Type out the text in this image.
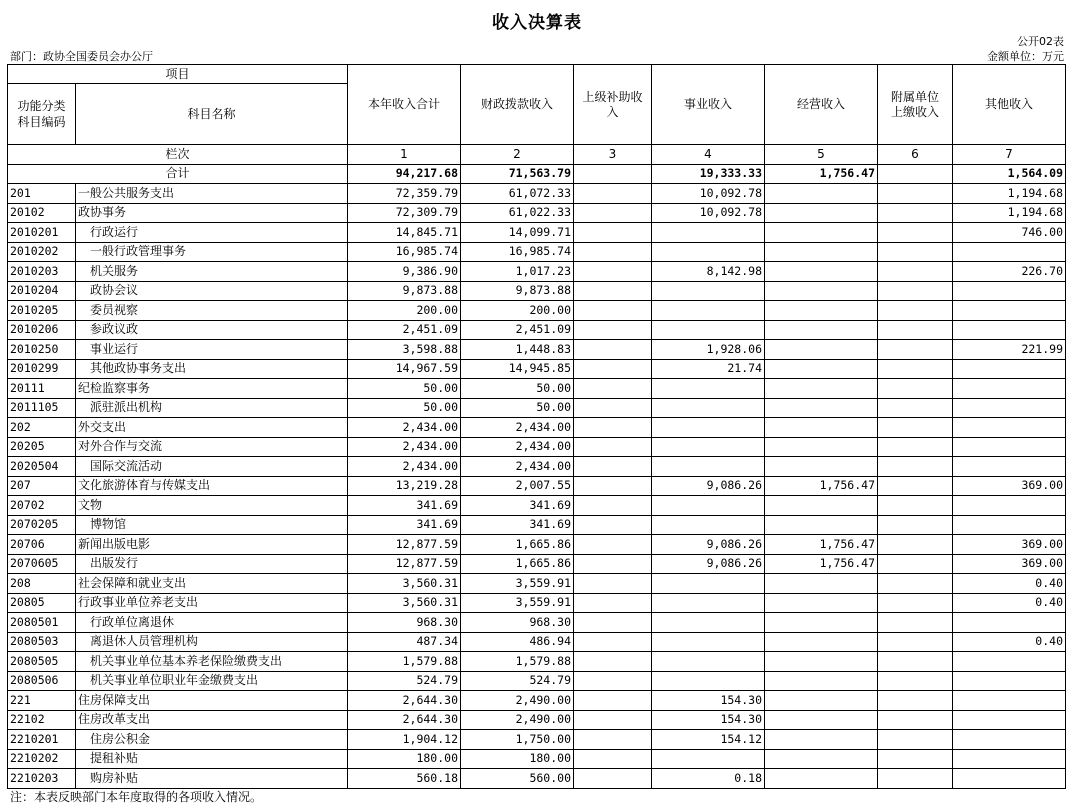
收入决算表
公开02表
部门：政协全国委员会办公厅	金额单位：万元
项目		本年收入合计	财政拨款收入	上级补助收
入	事业收入	经营收入	附属单位
上缴收入	其他收入
功能分类
科目编码	科目名称							

栏次		1	2	3	4	5	6	7
合计		94,217.68	71,563.79		19,333.33	1,756.47		1,564.09
201	一般公共服务支出	72,359.79	61,072.33		10,092.78			1,194.68
20102	政协事务	72,309.79	61,022.33		10,092.78			1,194.68
2010201	行政运行	14,845.71	14,099.71					746.00
2010202	一般行政管理事务	16,985.74	16,985.74					
2010203	机关服务	9,386.90	1,017.23		8,142.98			226.70
2010204	政协会议	9,873.88	9,873.88					
2010205	委员视察	200.00	200.00					
2010206	参政议政	2,451.09	2,451.09					
2010250	事业运行	3,598.88	1,448.83		1,928.06			221.99
2010299	其他政协事务支出	14,967.59	14,945.85		21.74			
20111	纪检监察事务	50.00	50.00					
2011105	派驻派出机构	50.00	50.00					
202	外交支出	2,434.00	2,434.00					
20205	对外合作与交流	2,434.00	2,434.00					
2020504	国际交流活动	2,434.00	2,434.00					
207	文化旅游体育与传媒支出	13,219.28	2,007.55		9,086.26	1,756.47		369.00
20702	文物	341.69	341.69					
2070205	博物馆	341.69	341.69					
20706	新闻出版电影	12,877.59	1,665.86		9,086.26	1,756.47		369.00
2070605	出版发行	12,877.59	1,665.86		9,086.26	1,756.47		369.00
208	社会保障和就业支出	3,560.31	3,559.91					0.40
20805	行政事业单位养老支出	3,560.31	3,559.91					0.40
2080501	行政单位离退休	968.30	968.30					
2080503	离退休人员管理机构	487.34	486.94					0.40
2080505	机关事业单位基本养老保险缴费支出	1,579.88	1,579.88					
2080506	机关事业单位职业年金缴费支出	524.79	524.79					
221	住房保障支出	2,644.30	2,490.00		154.30			
22102	住房改革支出	2,644.30	2,490.00		154.30			
2210201	住房公积金	1,904.12	1,750.00		154.12			
2210202	提租补贴	180.00	180.00					
2210203	购房补贴	560.18	560.00		0.18			
注：本表反映部门本年度取得的各项收入情况。
